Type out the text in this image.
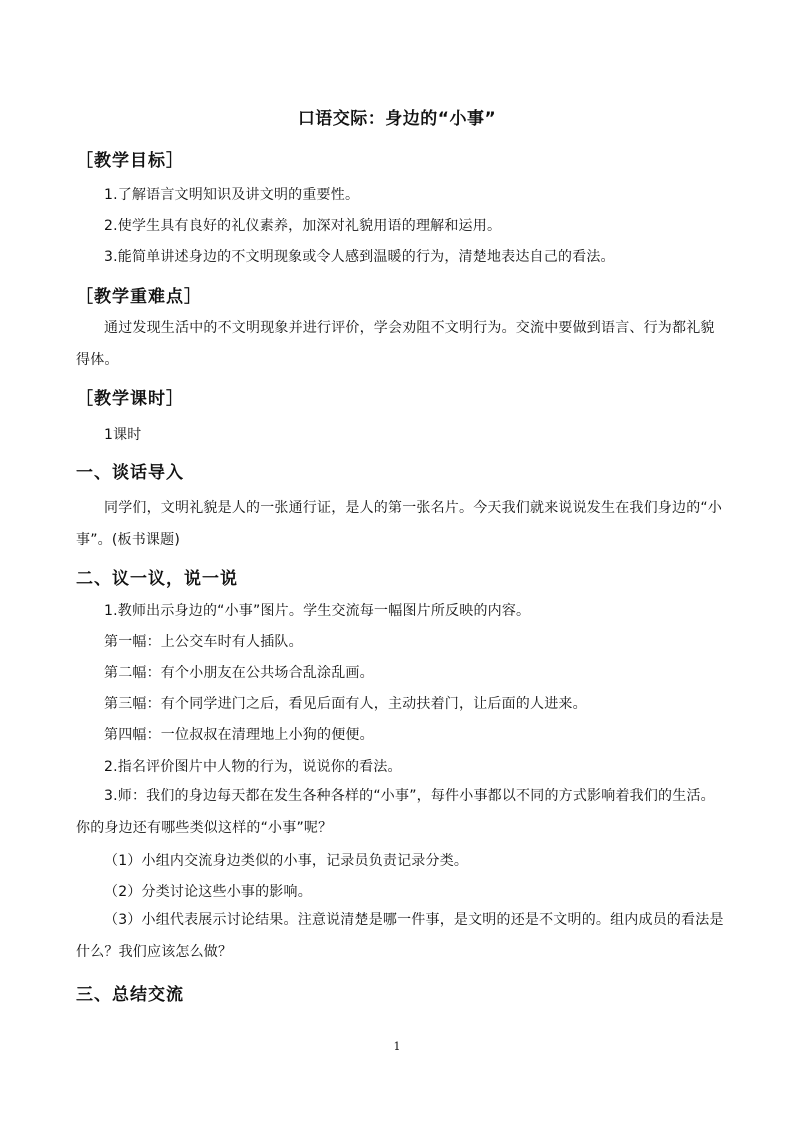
口语交际：身边的“小事”
［教学目标］
1.了解语言文明知识及讲文明的重要性。
2.使学生具有良好的礼仪素养，加深对礼貌用语的理解和运用。
3.能简单讲述身边的不文明现象或令人感到温暖的行为，清楚地表达自己的看法。
［教学重难点］
通过发现生活中的不文明现象并进行评价，学会劝阻不文明行为。交流中要做到语言、行为都礼貌得体。
［教学课时］
1课时
一、谈话导入
同学们，文明礼貌是人的一张通行证，是人的第一张名片。今天我们就来说说发生在我们身边的“小事”。(板书课题)
二、议一议，说一说
1.教师出示身边的“小事”图片。学生交流每一幅图片所反映的内容。
第一幅：上公交车时有人插队。
第二幅：有个小朋友在公共场合乱涂乱画。
第三幅：有个同学进门之后，看见后面有人，主动扶着门，让后面的人进来。
第四幅：一位叔叔在清理地上小狗的便便。
2.指名评价图片中人物的行为，说说你的看法。
3.师：我们的身边每天都在发生各种各样的“小事”，每件小事都以不同的方式影响着我们的生活。你的身边还有哪些类似这样的“小事”呢？
（1）小组内交流身边类似的小事，记录员负责记录分类。
（2）分类讨论这些小事的影响。
（3）小组代表展示讨论结果。注意说清楚是哪一件事，是文明的还是不文明的。组内成员的看法是什么？我们应该怎么做？
三、总结交流
1
